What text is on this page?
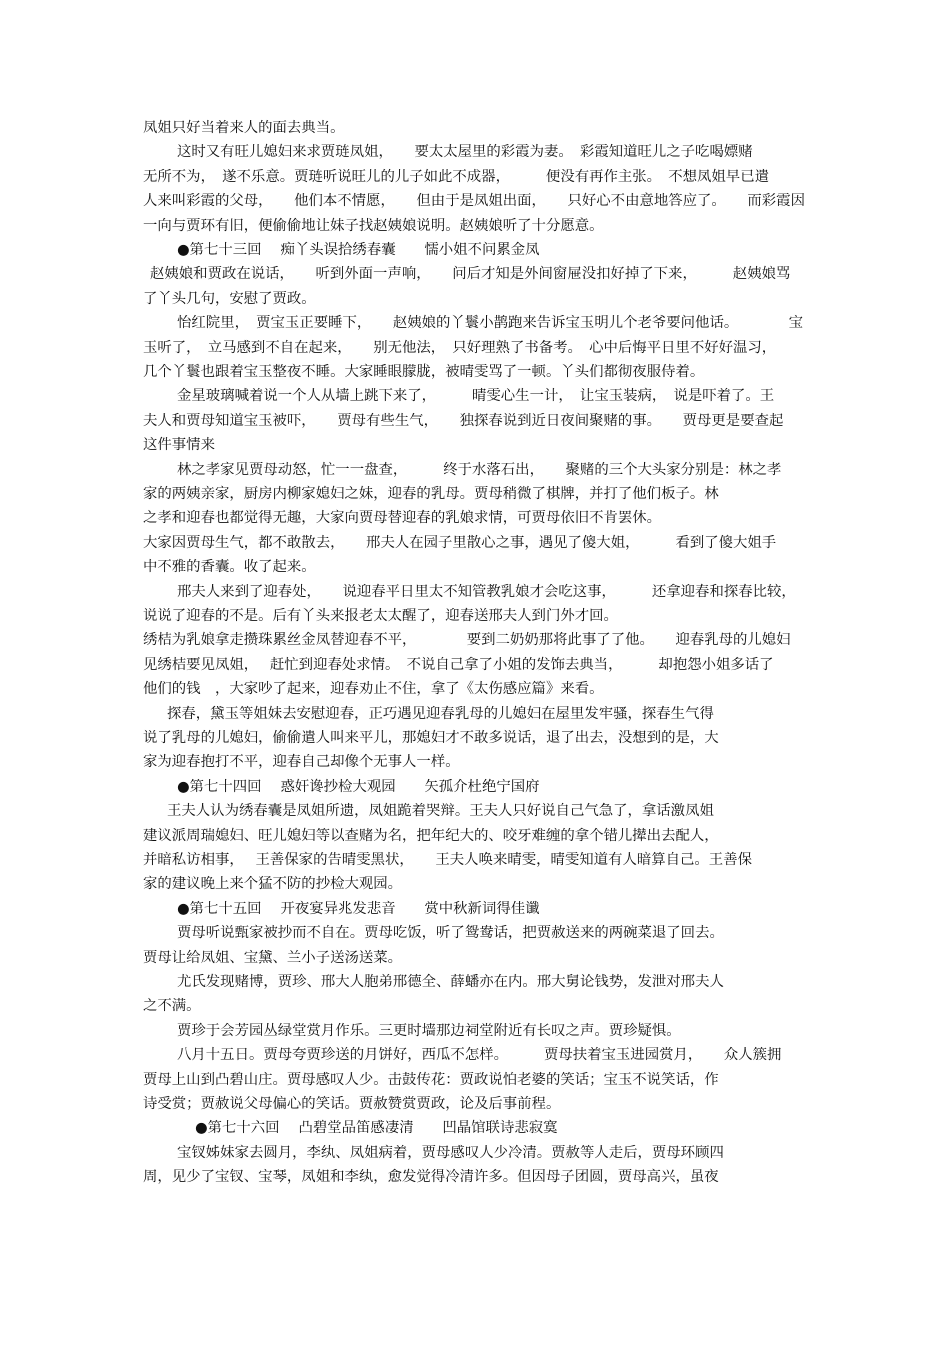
凤姐只好当着来人的面去典当。
这时又有旺儿媳妇来求贾琏凤姐，　　要太太屋里的彩霞为妻。　彩霞知道旺儿之子吃喝嫖赌
无所不为，　遂不乐意。贾琏听说旺儿的儿子如此不成器，　　　便没有再作主张。　不想凤姐早已遣
人来叫彩霞的父母，　　他们本不情愿，　　但由于是凤姐出面，　　只好心不由意地答应了。　　而彩霞因
一向与贾环有旧，便偷偷地让妹子找赵姨娘说明。赵姨娘听了十分愿意。
●第七十三回　 痴丫头误拾绣春囊　　懦小姐不问累金凤
赵姨娘和贾政在说话，　　听到外面一声响，　　问后才知是外间窗屉没扣好掉了下来，　　　赵姨娘骂
了丫头几句，安慰了贾政。
怡红院里，　贾宝玉正要睡下，　　赵姨娘的丫鬟小鹊跑来告诉宝玉明儿个老爷要问他话。　　　　宝
玉听了，　立马感到不自在起来，　　别无他法，　只好理熟了书备考。　心中后悔平日里不好好温习，
几个丫鬟也跟着宝玉整夜不睡。大家睡眼朦胧，被晴雯骂了一顿。丫头们都彻夜服侍着。
金星玻璃喊着说一个人从墙上跳下来了，　　　晴雯心生一计，　让宝玉装病，　说是吓着了。王
夫人和贾母知道宝玉被吓，　　贾母有些生气，　　独探春说到近日夜间聚赌的事。　　贾母更是要查起
这件事情来
林之孝家见贾母动怒，忙一一盘查，　　　终于水落石出，　　聚赌的三个大头家分别是：林之孝
家的两姨亲家，厨房内柳家媳妇之妹，迎春的乳母。贾母稍微了棋牌，并打了他们板子。林
之孝和迎春也都觉得无趣，大家向贾母替迎春的乳娘求情，可贾母依旧不肯罢休。
大家因贾母生气，都不敢散去，　　邢夫人在园子里散心之事，遇见了傻大姐，　　　看到了傻大姐手
中不雅的香囊。收了起来。
邢夫人来到了迎春处，　　说迎春平日里太不知管教乳娘才会吃这事，　　　还拿迎春和探春比较，
说说了迎春的不是。后有丫头来报老太太醒了，迎春送邢夫人到门外才回。
绣桔为乳娘拿走攒珠累丝金凤替迎春不平，　　　　要到二奶奶那将此事了了他。　　迎春乳母的儿媳妇
见绣桔要见凤姐，　 赶忙到迎春处求情。　不说自己拿了小姐的发饰去典当，　　　却抱怨小姐多话了
他们的钱　，大家吵了起来，迎春劝止不住，拿了《太伤感应篇》来看。
探春，黛玉等姐妹去安慰迎春，正巧遇见迎春乳母的儿媳妇在屋里发牢骚，探春生气得
说了乳母的儿媳妇，偷偷遣人叫来平儿，那媳妇才不敢多说话，退了出去，没想到的是，大
家为迎春抱打不平，迎春自己却像个无事人一样。
●第七十四回　 惑奸谗抄检大观园　　矢孤介杜绝宁国府
王夫人认为绣春囊是凤姐所遗，凤姐跪着哭辩。王夫人只好说自己气急了，拿话激凤姐
建议派周瑞媳妇、旺儿媳妇等以查赌为名，把年纪大的、咬牙难缠的拿个错儿撵出去配人，
并暗私访相事，　 王善保家的告晴雯黑状，　　王夫人唤来晴雯，晴雯知道有人暗算自己。王善保
家的建议晚上来个猛不防的抄检大观园。
●第七十五回　 开夜宴异兆发悲音　　赏中秋新词得佳谶
贾母听说甄家被抄而不自在。贾母吃饭，听了鸳鸯话，把贾赦送来的两碗菜退了回去。
贾母让给凤姐、宝黛、兰小子送汤送菜。
尤氏发现赌博，贾珍、邢大人胞弟邢德全、薛蟠亦在内。邢大舅论钱势，发泄对邢夫人
之不满。
贾珍于会芳园丛绿堂赏月作乐。三更时墙那边祠堂附近有长叹之声。贾珍疑惧。
八月十五日。贾母夸贾珍送的月饼好，西瓜不怎样。　　　贾母扶着宝玉进园赏月，　　众人簇拥
贾母上山到凸碧山庄。贾母感叹人少。击鼓传花：贾政说怕老婆的笑话；宝玉不说笑话，作
诗受赏；贾赦说父母偏心的笑话。贾赦赞赏贾政，论及后事前程。
●第七十六回　 凸碧堂品笛感凄清　　凹晶馆联诗悲寂寞
宝钗姊妹家去圆月，李纨、凤姐病着，贾母感叹人少冷清。贾赦等人走后，贾母环顾四
周，见少了宝钗、宝琴，凤姐和李纨，愈发觉得冷清许多。但因母子团圆，贾母高兴，虽夜
